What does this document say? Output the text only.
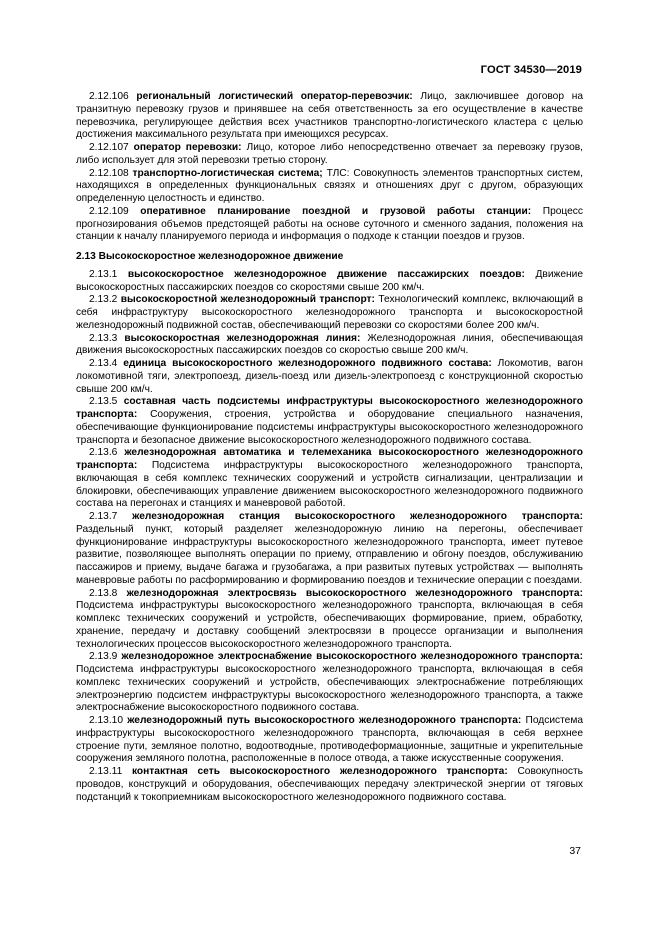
ГОСТ 34530—2019

2.12.106 региональный логистический оператор-перевозчик: Лицо, заключившее договор на транзитную перевозку грузов и принявшее на себя ответственность за его осуществление в качестве перевозчика, регулирующее действия всех участников транспортно-логистического кластера с целью достижения максимального результата при имеющихся ресурсах.

2.12.107 оператор перевозки: Лицо, которое либо непосредственно отвечает за перевозку грузов, либо использует для этой перевозки третью сторону.

2.12.108 транспортно-логистическая система; ТЛС: Совокупность элементов транспортных систем, находящихся в определенных функциональных связях и отношениях друг с другом, образующих определенную целостность и единство.

2.12.109 оперативное планирование поездной и грузовой работы станции: Процесс прогнозирования объемов предстоящей работы на основе суточного и сменного задания, положения на станции к началу планируемого периода и информация о подходе к станции поездов и грузов.

2.13 Высокоскоростное железнодорожное движение

2.13.1 высокоскоростное железнодорожное движение пассажирских поездов: Движение высокоскоростных пассажирских поездов со скоростями свыше 200 км/ч.

2.13.2 высокоскоростной железнодорожный транспорт: Технологический комплекс, включающий в себя инфраструктуру высокоскоростного железнодорожного транспорта и высокоскоростной железнодорожный подвижной состав, обеспечивающий перевозки со скоростями более 200 км/ч.

2.13.3 высокоскоростная железнодорожная линия: Железнодорожная линия, обеспечивающая движения высокоскоростных пассажирских поездов со скоростью свыше 200 км/ч.

2.13.4 единица высокоскоростного железнодорожного подвижного состава: Локомотив, вагон локомотивной тяги, электропоезд, дизель-поезд или дизель-электропоезд с конструкционной скоростью свыше 200 км/ч.

2.13.5 составная часть подсистемы инфраструктуры высокоскоростного железнодорожного транспорта: Сооружения, строения, устройства и оборудование специального назначения, обеспечивающие функционирование подсистемы инфраструктуры высокоскоростного железнодорожного транспорта и безопасное движение высокоскоростного железнодорожного подвижного состава.

2.13.6 железнодорожная автоматика и телемеханика высокоскоростного железнодорожного транспорта: Подсистема инфраструктуры высокоскоростного железнодорожного транспорта, включающая в себя комплекс технических сооружений и устройств сигнализации, централизации и блокировки, обеспечивающих управление движением высокоскоростного железнодорожного подвижного состава на перегонах и станциях и маневровой работой.

2.13.7 железнодорожная станция высокоскоростного железнодорожного транспорта: Раздельный пункт, который разделяет железнодорожную линию на перегоны, обеспечивает функционирование инфраструктуры высокоскоростного железнодорожного транспорта, имеет путевое развитие, позволяющее выполнять операции по приему, отправлению и обгону поездов, обслуживанию пассажиров и приему, выдаче багажа и грузобагажа, а при развитых путевых устройствах — выполнять маневровые работы по расформированию и формированию поездов и технические операции с поездами.

2.13.8 железнодорожная электросвязь высокоскоростного железнодорожного транспорта: Подсистема инфраструктуры высокоскоростного железнодорожного транспорта, включающая в себя комплекс технических сооружений и устройств, обеспечивающих формирование, прием, обработку, хранение, передачу и доставку сообщений электросвязи в процессе организации и выполнения технологических процессов высокоскоростного железнодорожного транспорта.

2.13.9 железнодорожное электроснабжение высокоскоростного железнодорожного транспорта: Подсистема инфраструктуры высокоскоростного железнодорожного транспорта, включающая в себя комплекс технических сооружений и устройств, обеспечивающих электроснабжение потребляющих электроэнергию подсистем инфраструктуры высокоскоростного железнодорожного транспорта, а также электроснабжение высокоскоростного подвижного состава.

2.13.10 железнодорожный путь высокоскоростного железнодорожного транспорта: Подсистема инфраструктуры высокоскоростного железнодорожного транспорта, включающая в себя верхнее строение пути, земляное полотно, водоотводные, противодеформационные, защитные и укрепительные сооружения земляного полотна, расположенные в полосе отвода, а также искусственные сооружения.

2.13.11 контактная сеть высокоскоростного железнодорожного транспорта: Совокупность проводов, конструкций и оборудования, обеспечивающих передачу электрической энергии от тяговых подстанций к токоприемникам высокоскоростного железнодорожного подвижного состава.

37
